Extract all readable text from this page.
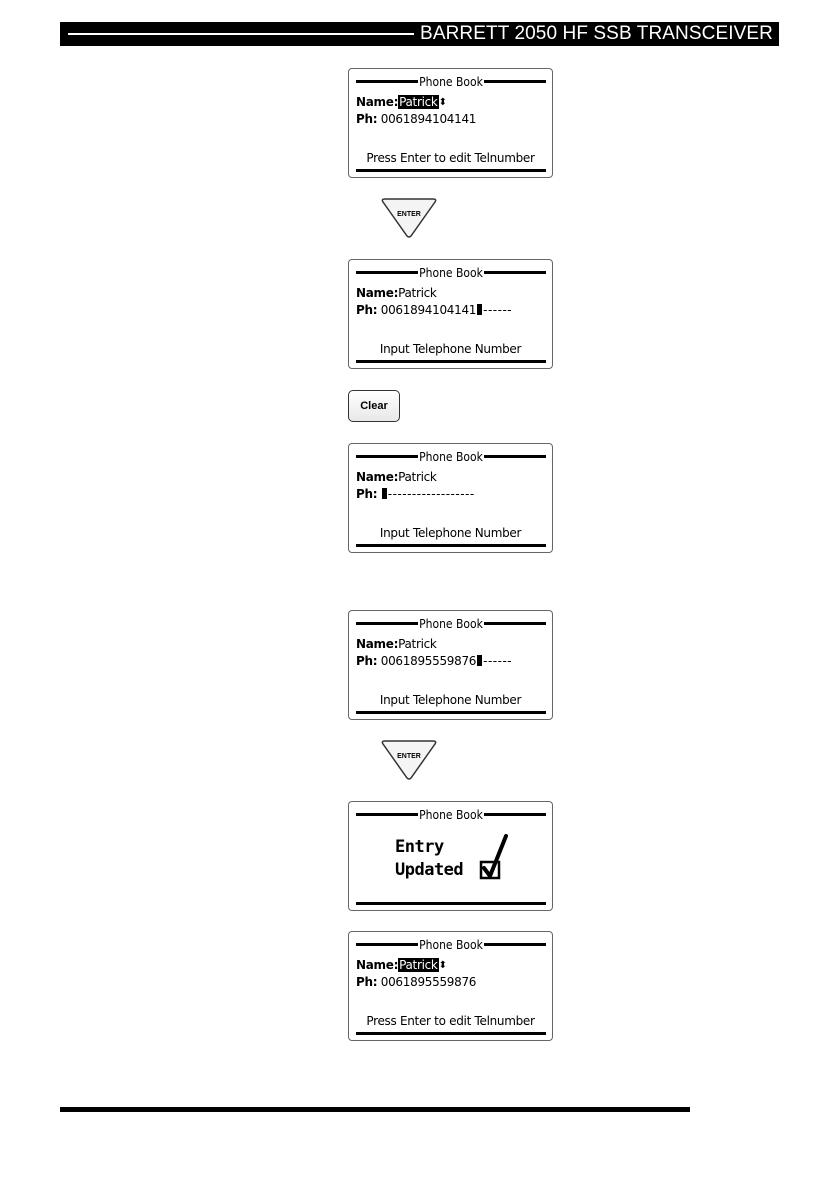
BARRETT 2050 HF SSB TRANSCEIVER
Phone Book
Name:Patrick⬍
Ph: 0061894104141
Press Enter to edit Telnumber
ENTER
Phone Book
Name:Patrick
Ph: 0061894104141 ------
Input Telephone Number
Clear
Phone Book
Name:Patrick
Ph: ------------------
Input Telephone Number
Phone Book
Name:Patrick
Ph: 0061895559876 ------
Input Telephone Number
ENTER
Phone Book
Entry
Updated
Phone Book
Name:Patrick⬍
Ph: 0061895559876
Press Enter to edit Telnumber
